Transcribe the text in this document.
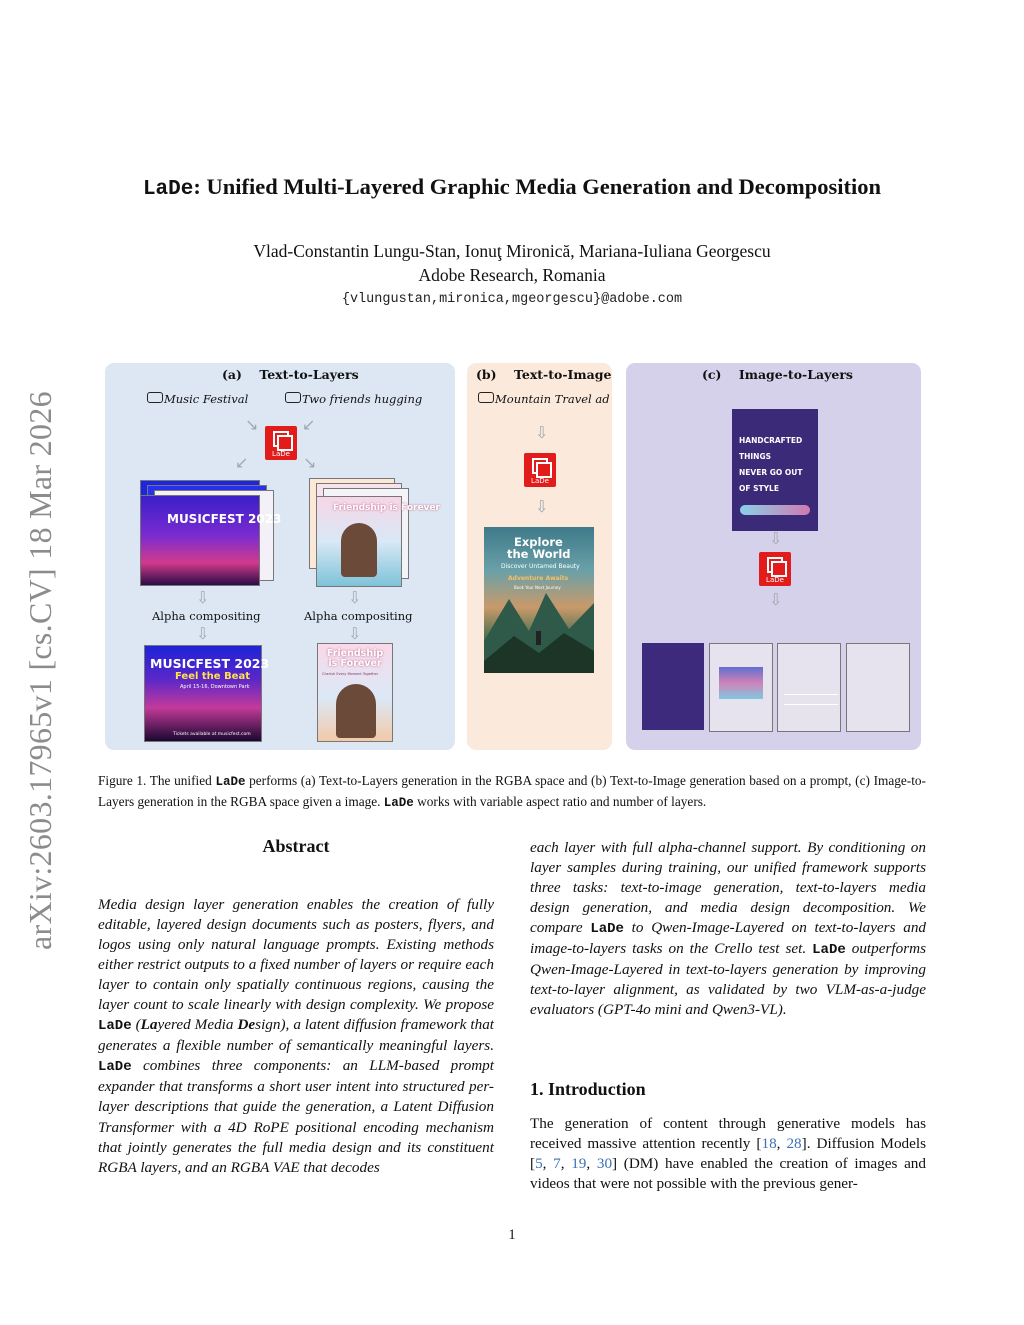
LaDe: Unified Multi-Layered Graphic Media Generation and Decomposition
Vlad-Constantin Lungu-Stan, Ionuţ Mironică, Mariana-Iuliana Georgescu
Adobe Research, Romania
{vlungustan,mironica,mgeorgescu}@adobe.com
arXiv:2603.17965v1 [cs.CV] 18 Mar 2026
(a) Text-to-Layers
Music Festival	Two friends hugging
↘	↙
LaDe
↙	↘
MUSICFEST 2023
Friendship is Forever
⇩	⇩
Alpha compositing	Alpha compositing
⇩	⇩
MUSICFEST 2023
Feel the Beat
April 15-16, Downtown Park
Tickets available at musicfest.com
Friendship is Forever
Cherish Every Moment Together
(b) Text-to-Image
Mountain Travel ad
⇩
LaDe
⇩
Explore
the World
Discover Untamed Beauty
Adventure Awaits
Book Your Next Journey
(c) Image-to-Layers
HANDCRAFTED
THINGS
NEVER GO OUT
OF STYLE
⇩
LaDe
⇩
Figure 1. The unified LaDe performs (a) Text-to-Layers generation in the RGBA space and (b) Text-to-Image generation based on a prompt, (c) Image-to-Layers generation in the RGBA space given a image. LaDe works with variable aspect ratio and number of layers.
Abstract
Media design layer generation enables the creation of fully editable, layered design documents such as posters, flyers, and logos using only natural language prompts. Existing methods either restrict outputs to a fixed number of layers or require each layer to contain only spatially continuous regions, causing the layer count to scale linearly with design complexity. We propose LaDe (Layered Media Design), a latent diffusion framework that generates a flexible number of semantically meaningful layers. LaDe combines three components: an LLM-based prompt expander that transforms a short user intent into structured per-layer descriptions that guide the generation, a Latent Diffusion Transformer with a 4D RoPE positional encoding mechanism that jointly generates the full media design and its constituent RGBA layers, and an RGBA VAE that decodes
each layer with full alpha-channel support. By conditioning on layer samples during training, our unified framework supports three tasks: text-to-image generation, text-to-layers media design generation, and media design decomposition. We compare LaDe to Qwen-Image-Layered on text-to-layers and image-to-layers tasks on the Crello test set. LaDe outperforms Qwen-Image-Layered in text-to-layers generation by improving text-to-layer alignment, as validated by two VLM-as-a-judge evaluators (GPT-4o mini and Qwen3-VL).
1. Introduction
The generation of content through generative models has received massive attention recently [18, 28]. Diffusion Models [5, 7, 19, 30] (DM) have enabled the creation of images and videos that were not possible with the previous gener-
1
